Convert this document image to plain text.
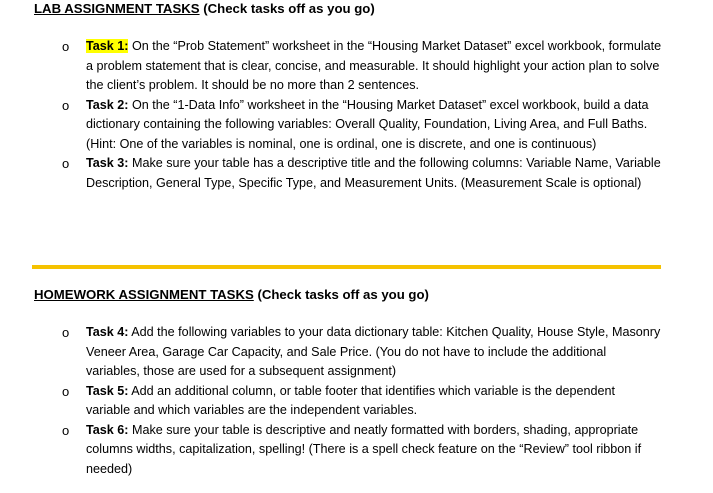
LAB ASSIGNMENT TASKS (Check tasks off as you go)
o Task 1: On the “Prob Statement” worksheet in the “Housing Market Dataset” excel workbook, formulate a problem statement that is clear, concise, and measurable. It should highlight your action plan to solve the client’s problem. It should be no more than 2 sentences.
o Task 2: On the “1-Data Info” worksheet in the “Housing Market Dataset” excel workbook, build a data dictionary containing the following variables: Overall Quality, Foundation, Living Area, and Full Baths. (Hint: One of the variables is nominal, one is ordinal, one is discrete, and one is continuous)
o Task 3: Make sure your table has a descriptive title and the following columns: Variable Name, Variable Description, General Type, Specific Type, and Measurement Units. (Measurement Scale is optional)
HOMEWORK ASSIGNMENT TASKS (Check tasks off as you go)
o Task 4: Add the following variables to your data dictionary table: Kitchen Quality, House Style, Masonry Veneer Area, Garage Car Capacity, and Sale Price. (You do not have to include the additional variables, those are used for a subsequent assignment)
o Task 5: Add an additional column, or table footer that identifies which variable is the dependent variable and which variables are the independent variables.
o Task 6: Make sure your table is descriptive and neatly formatted with borders, shading, appropriate columns widths, capitalization, spelling! (There is a spell check feature on the “Review” tool ribbon if needed)
